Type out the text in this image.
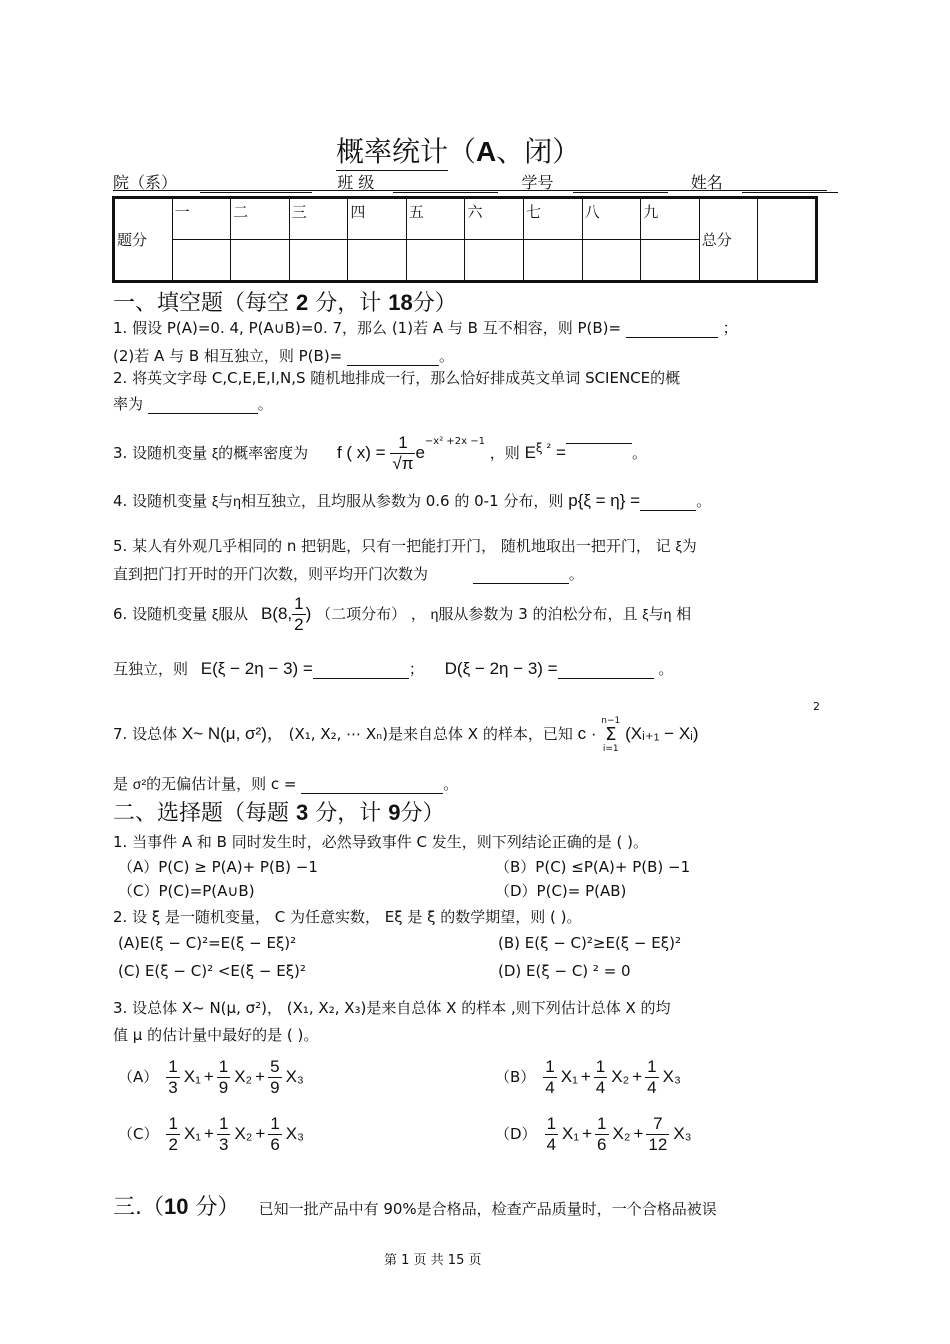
概率统计（A、闭）
院（系）	班 级	学号	姓名
题分	一	二	三	四	五	六	七	八	九	总分	

一、填空题（每空 2 分，计 18分）
1. 假设 P(A)=0. 4, P(A∪B)=0. 7，那么 (1)若 A 与 B 互不相容，则 P(B)=	；
(2)若 A 与 B 相互独立，则 P(B)=	。
2. 将英文字母 C,C,E,E,I,N,S 随机地排成一行，那么恰好排成英文单词 SCIENCE的概
率为	。
3. 设随机变量 ξ的概率密度为 f ( $x) = \frac{1}{√\pi} e^{-x^2 +2x -1}$ ，则 $E^{\xi ^2}$ =	。
4. 设随机变量 ξ与η相互独立，且均服从参数为 0.6 的 0-1 分布，则 p{ξ = η} =	。
5. 某人有外观几乎相同的 n 把钥匙，只有一把能打开门， 随机地取出一把开门， 记 ξ为
直到把门打开时的开门次数，则平均开门次数为	。
6. 设随机变量 ξ服从 B(8, $\frac{1}{2}$ ) （二项分布） ， η服从参数为 3 的泊松分布，且 ξ与η 相
互独立，则 E(ξ − 2η − 3) =	； D(ξ − 2η − 3) =	。
7. 设总体 X~ N(μ, σ²)， (X₁, X₂, ⋯ Xₙ)是来自总体 X 的样本，已知 c ·
n−1
Σ
i=1
(Xᵢ₊₁ − Xᵢ)
2
是 σ²的无偏估计量，则 c =	。
二、选择题（每题 3 分，计 9分）
1. 当事件 A 和 B 同时发生时，必然导致事件 C 发生，则下列结论正确的是 ( )。
（A）P(C) ≥ P(A)+ P(B) −1	（B）P(C) ≤P(A)+ P(B) −1
（C）P(C)=P(A∪B)	（D）P(C)= P(AB)
2. 设 ξ 是一随机变量， C 为任意实数， Eξ 是 ξ 的数学期望，则 ( )。
(A)E(ξ − C)²=E(ξ − Eξ)²	(B) E(ξ − C)²≥E(ξ − Eξ)²
(C) E(ξ − C)² <E(ξ − Eξ)²	(D) E(ξ − C) ² = 0
3. 设总体 X~ N(μ, σ²)， (X₁, X₂, X₃)是来自总体 X 的样本 ,则下列估计总体 X 的均
值 μ 的估计量中最好的是 ( )。
$(A) \frac{1}{3} X_1 + \frac{1}{9} X_2 + \frac{5}{9} X_3$	$(B) \frac{1}{4} X_1 + \frac{1}{4} X_2 + \frac{1}{4} X_3$
$(C) \frac{1}{2} X_1 + \frac{1}{3} X_2 + \frac{1}{6} X_3$	$(D) \frac{1}{4} X_1 + \frac{1}{6} X_2 + \frac{7}{12} X_3$
三.（10 分） 已知一批产品中有 90%是合格品，检查产品质量时，一个合格品被误
第 1 页 共 15 页
